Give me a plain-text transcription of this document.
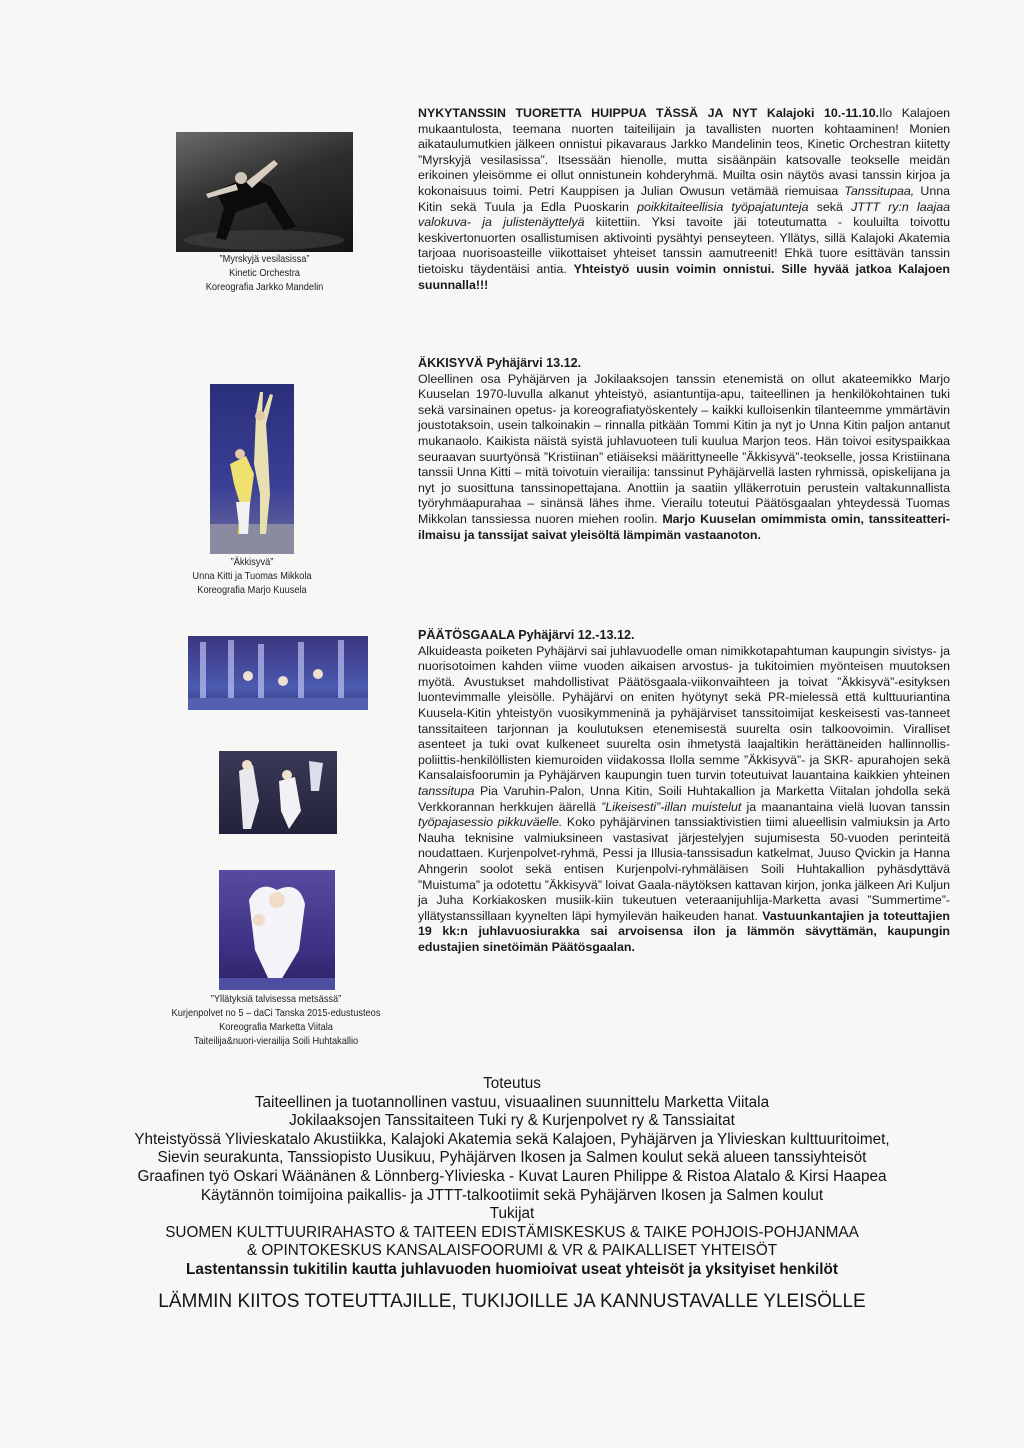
”Myrskyjä vesilasissa”
Kinetic Orchestra
Koreografia Jarkko Mandelin
”Äkkisyvä”
Unna Kitti ja Tuomas Mikkola
Koreografia Marjo Kuusela
”Yllätyksiä talvisessa metsässä”
Kurjenpolvet no 5 – daCi Tanska 2015-edustusteos
Koreografia Marketta Viitala
Taiteilija&nuori-vierailija Soili Huhtakallio

NYKYTANSSIN TUORETTA HUIPPUA TÄSSÄ JA NYT Kalajoki 10.-11.10.Ilo Kalajoen mukaantulosta, teemana nuorten taiteilijain ja tavallisten nuorten kohtaaminen! Monien aikataulumutkien jälkeen onnistui pikavaraus Jarkko Mandelinin teos, Kinetic Orchestran kiitetty ”Myrskyjä vesilasissa”. Itsessään hienolle, mutta sisäänpäin katsovalle teokselle meidän erikoinen yleisömme ei ollut onnistunein kohderyhmä. Muilta osin näytös avasi tanssin kirjoa ja kokonaisuus toimi. Petri Kauppisen ja Julian Owusun vetämää riemuisaa Tanssitupaa, Unna Kitin sekä Tuula ja Edla Puoskarin poikkitaiteellisia työpajatunteja sekä JTTT ry:n laajaa valokuva- ja julistenäyttelyä kiitettiin. Yksi tavoite jäi toteutumatta - kouluilta toivottu keskivertonuorten osallistumisen aktivointi pysähtyi penseyteen. Yllätys, sillä Kalajoki Akatemia tarjoaa nuorisoasteille viikottaiset yhteiset tanssin aamutreenit! Ehkä tuore esittävän tanssin tietoisku täydentäisi antia. Yhteistyö uusin voimin onnistui. Sille hyvää jatkoa Kalajoen suunnalla!!!

ÄKKISYVÄ Pyhäjärvi 13.12.

Oleellinen osa Pyhäjärven ja Jokilaaksojen tanssin etenemistä on ollut akateemikko Marjo Kuuselan 1970-luvulla alkanut yhteistyö, asiantuntija-apu, taiteellinen ja henkilökohtainen tuki sekä varsinainen opetus- ja koreografiatyöskentely – kaikki kulloisenkin tilanteemme ymmärtävin joustotaksoin, usein talkoinakin – rinnalla pitkään Tommi Kitin ja nyt jo Unna Kitin paljon antanut mukanaolo. Kaikista näistä syistä juhlavuoteen tuli kuulua Marjon teos. Hän toivoi esityspaikkaa seuraavan suurtyönsä ”Kristiinan” etiäiseksi määrittyneelle ”Äkkisyvä”-teokselle, jossa Kristiinana tanssii Unna Kitti – mitä toivotuin vierailija: tanssinut Pyhäjärvellä lasten ryhmissä, opiskelijana ja nyt jo suosittuna tanssinopettajana. Anottiin ja saatiin ylläkerrotuin perustein valtakunnallista työryhmäapurahaa – sinänsä lähes ihme. Vierailu toteutui Päätösgaalan yhteydessä Tuomas Mikkolan tanssiessa nuoren miehen roolin. Marjo Kuuselan omimmista omin, tanssiteatteri-ilmaisu ja tanssijat saivat yleisöltä lämpimän vastaanoton.

PÄÄTÖSGAALA Pyhäjärvi 12.-13.12.

Alkuideasta poiketen Pyhäjärvi sai juhlavuodelle oman nimikkotapahtuman kaupungin sivistys- ja nuorisotoimen kahden viime vuoden aikaisen arvostus- ja tukitoimien myönteisen muutoksen myötä. Avustukset mahdollistivat Päätösgaala-viikonvaihteen ja toivat ”Äkkisyvä”-esityksen luontevimmalle yleisölle. Pyhäjärvi on eniten hyötynyt sekä PR-mielessä että kulttuuriantina Kuusela-Kitin yhteistyön vuosikymmeninä ja pyhäjärviset tanssitoimijat keskeisesti vas-tanneet tanssitaiteen tarjonnan ja koulutuksen etenemisestä suurelta osin talkoovoimin. Viralliset asenteet ja tuki ovat kulkeneet suurelta osin ihmetystä laajaltikin herättäneiden hallinnollis-poliittis-henkilöllisten kiemuroiden viidakossa Ilolla semme ”Äkkisyvä”- ja SKR- apurahojen sekä Kansalaisfoorumin ja Pyhäjärven kaupungin tuen turvin toteutuivat lauantaina kaikkien yhteinen tanssitupa Pia Varuhin-Palon, Unna Kitin, Soili Huhtakallion ja Marketta Viitalan johdolla sekä Verkkorannan herkkujen äärellä ”Likeisesti”-illan muistelut ja maanantaina vielä luovan tanssin työpajasessio pikkuväelle. Koko pyhäjärvinen tanssiaktivistien tiimi alueellisin valmiuksin ja Arto Nauha teknisine valmiuksineen vastasivat järjestelyjen sujumisesta 50-vuoden perinteitä noudattaen. Kurjenpolvet-ryhmä, Pessi ja Illusia-tanssisadun katkelmat, Juuso Qvickin ja Hanna Ahngerin soolot sekä entisen Kurjenpolvi-ryhmäläisen Soili Huhtakallion pyhäsdyttävä ”Muistuma” ja odotettu ”Äkkisyvä” loivat Gaala-näytöksen kattavan kirjon, jonka jälkeen Ari Kuljun ja Juha Korkiakosken musiik-kiin tukeutuen veteraanijuhlija-Marketta avasi ”Summertime”-yllätystanssillaan kyynelten läpi hymyilevän haikeuden hanat. Vastuunkantajien ja toteuttajien 19 kk:n juhlavuosiurakka sai arvoisensa ilon ja lämmön sävyttämän, kaupungin edustajien sinetöimän Päätösgaalan.

Toteutus
Taiteellinen ja tuotannollinen vastuu, visuaalinen suunnittelu Marketta Viitala
Jokilaaksojen Tanssitaiteen Tuki ry & Kurjenpolvet ry & Tanssiaitat
Yhteistyössä Ylivieskatalo Akustiikka, Kalajoki Akatemia sekä Kalajoen, Pyhäjärven ja Ylivieskan kulttuuritoimet,
Sievin seurakunta, Tanssiopisto Uusikuu, Pyhäjärven Ikosen ja Salmen koulut sekä alueen tanssiyhteisöt
Graafinen työ Oskari Wäänänen & Lönnberg-Ylivieska - Kuvat Lauren Philippe & Ristoa Alatalo & Kirsi Haapea
Käytännön toimijoina paikallis- ja JTTT-talkootiimit sekä Pyhäjärven Ikosen ja Salmen koulut
Tukijat
SUOMEN KULTTUURIRAHASTO & TAITEEN EDISTÄMISKESKUS & TAIKE POHJOIS-POHJANMAA
& OPINTOKESKUS KANSALAISFOORUMI & VR & PAIKALLISET YHTEISÖT
Lastentanssin tukitilin kautta juhlavuoden huomioivat useat yhteisöt ja yksityiset henkilöt
LÄMMIN KIITOS TOTEUTTAJILLE, TUKIJOILLE JA KANNUSTAVALLE YLEISÖLLE
